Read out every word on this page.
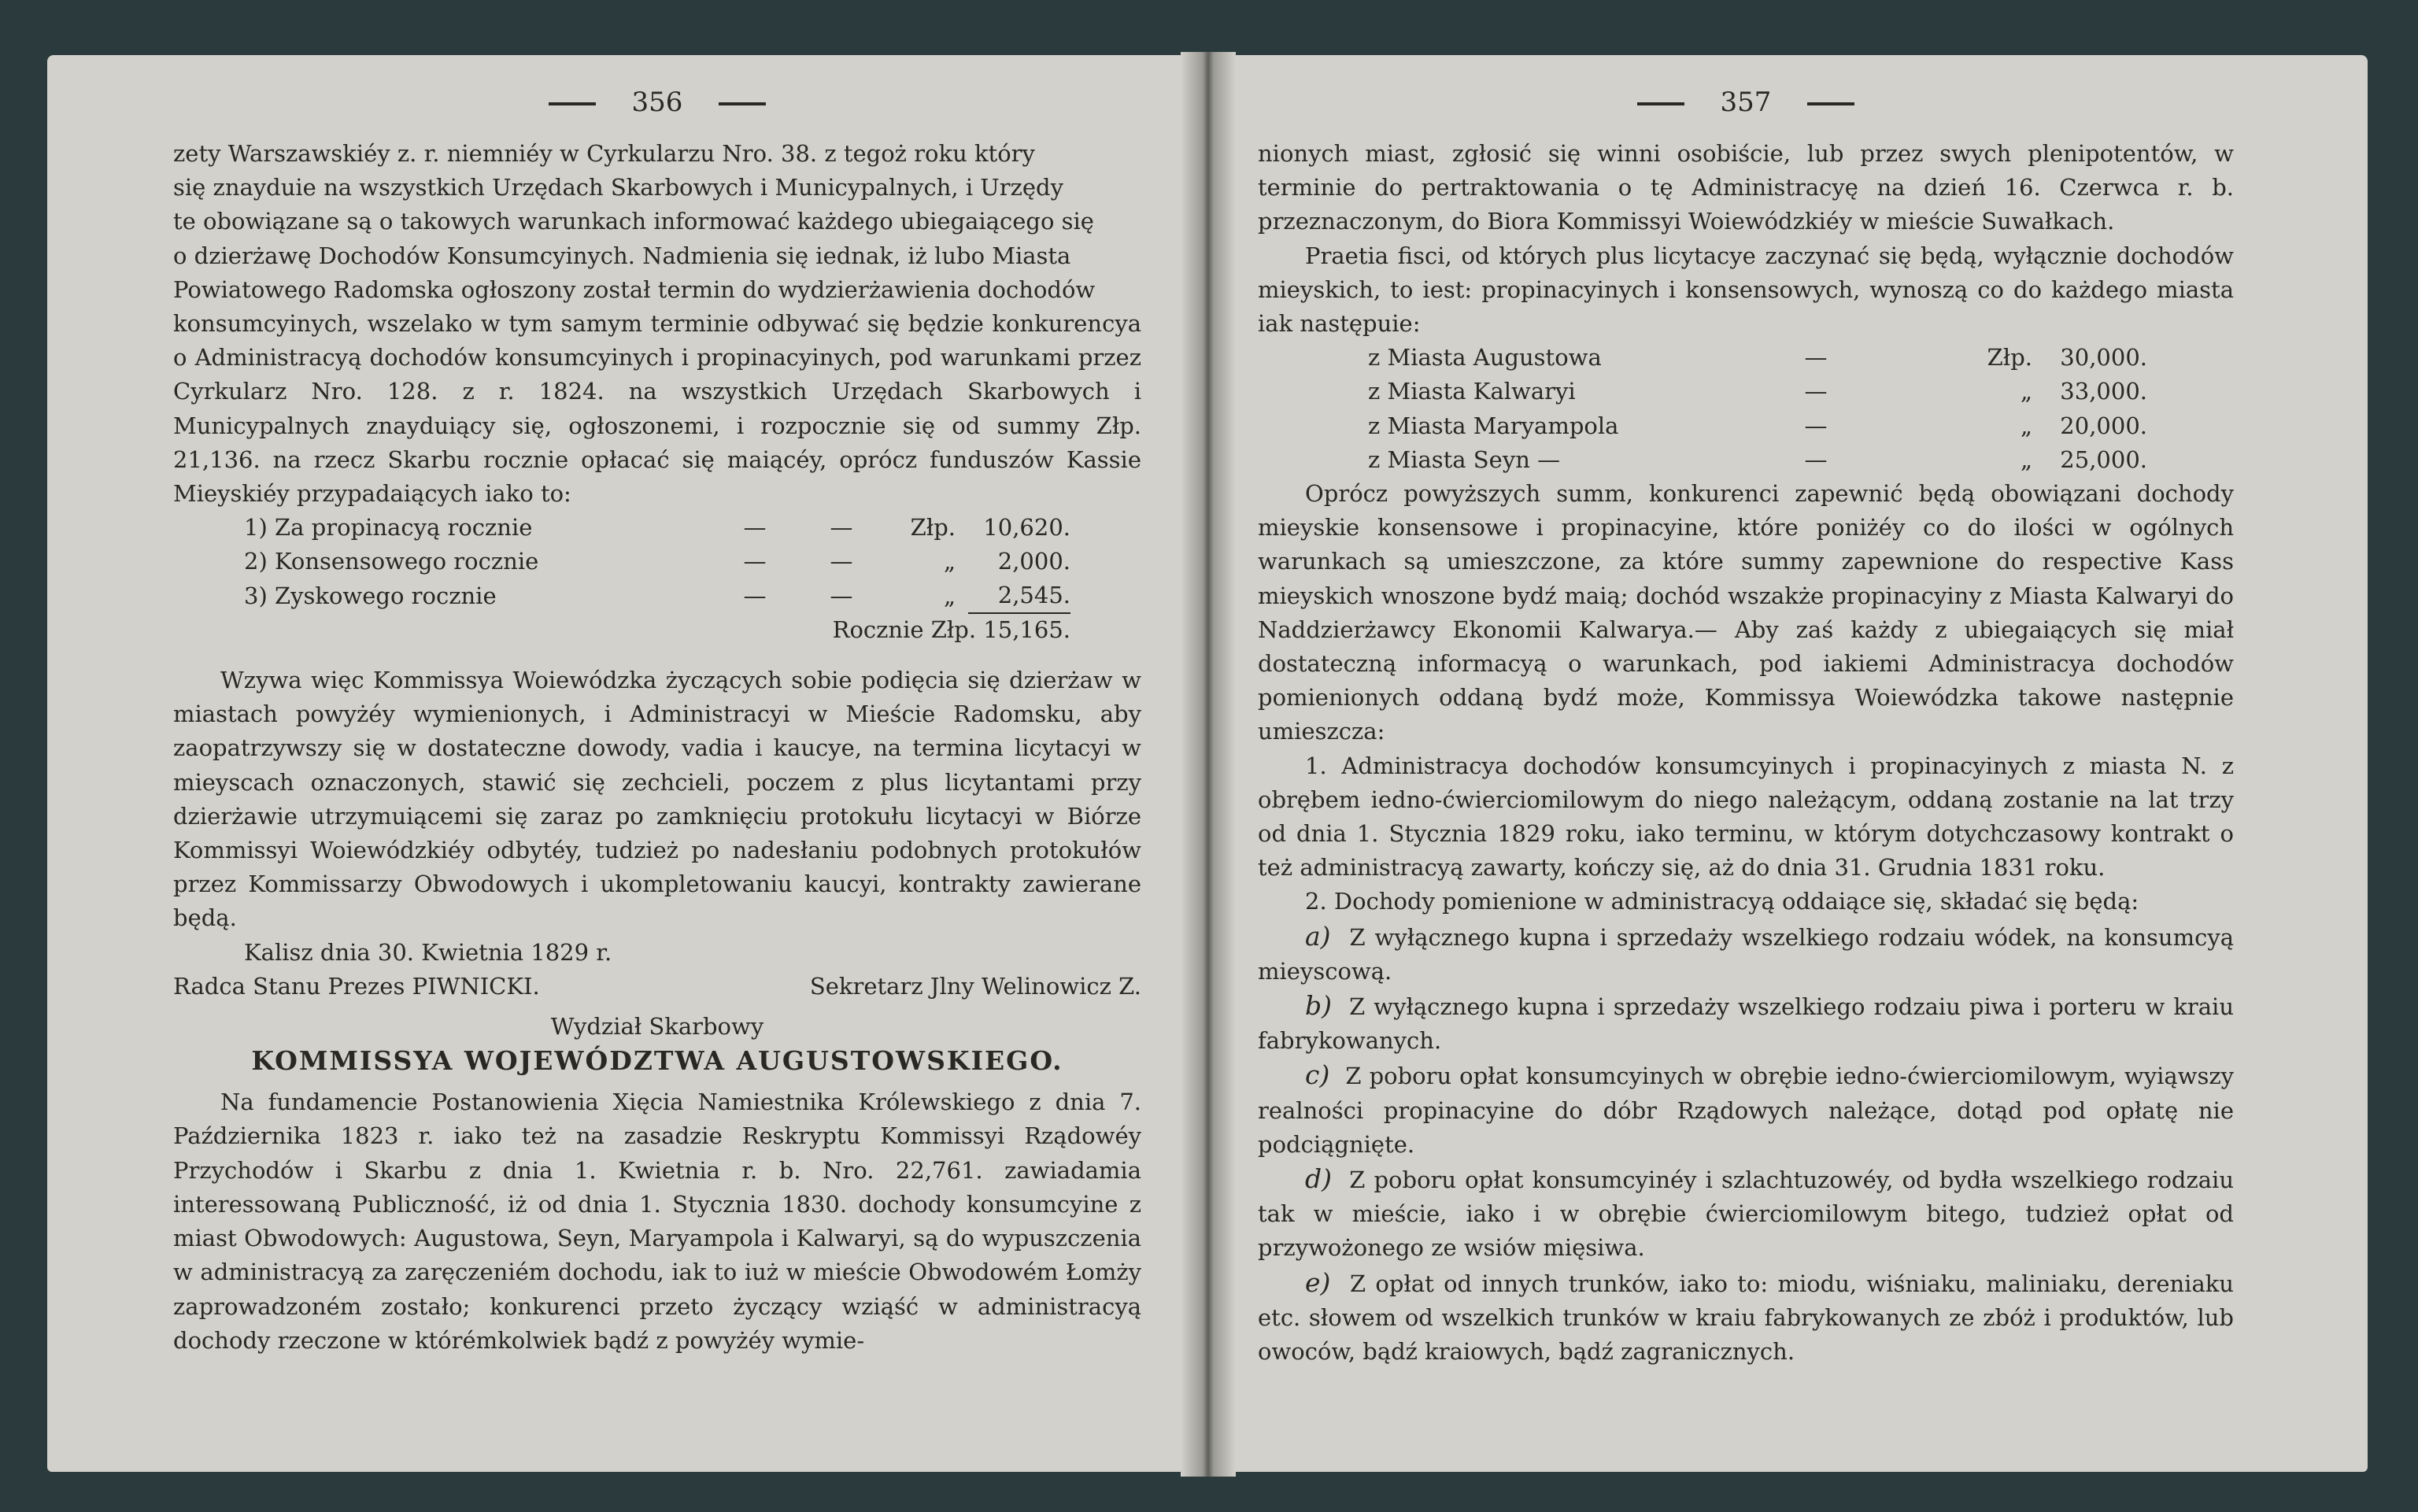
356
zety Warszawskiéy z. r. niemniéy w Cyrkularzu Nro. 38. z tegoż roku który
się znayduie na wszystkich Urzędach Skarbowych i Municypalnych, i Urzędy
te obowiązane są o takowych warunkach informować każdego ubiegaiącego się
o dzierżawę Dochodów Konsumcyinych. Nadmienia się iednak, iż lubo Miasta
Powiatowego Radomska ogłoszony został termin do wydzierżawienia dochodów

konsumcyinych, wszelako w tym samym terminie odbywać się będzie konkurencya o Administracyą dochodów konsumcyinych i propinacyinych, pod warunkami przez Cyrkularz Nro. 128. z r. 1824. na wszystkich Urzędach Skarbowych i Municypalnych znayduiący się, ogłoszonemi, i rozpocznie się od summy Złp. 21,136. na rzecz Skarbu rocznie opłacać się maiącéy, oprócz funduszów Kassie Mieyskiéy przypadaiących iako to:

1) Za propinacyą rocznie	—	—	Złp.	10,620.
2) Konsensowego rocznie	—	—	„	2,000.
3) Zyskowego rocznie	—	—	„	2,545.
Rocznie Złp. 15,165.

Wzywa więc Kommissya Woiewódzka życzących sobie podięcia się dzierżaw w miastach powyżéy wymienionych, i Administracyi w Mieście Radomsku, aby zaopatrzywszy się w dostateczne dowody, vadia i kaucye, na termina licytacyi w mieyscach oznaczonych, stawić się zechcieli, poczem z plus licytantami przy dzierżawie utrzymuiącemi się zaraz po zamknięciu protokułu licytacyi w Biórze Kommissyi Woiewódzkiéy odbytéy, tudzież po nadesłaniu podobnych protokułów przez Kommissarzy Obwodowych i ukompletowaniu kaucyi, kontrakty zawierane będą.

Kalisz dnia 30. Kwietnia 1829 r.
Radca Stanu Prezes PIWNICKI.	Sekretarz Jlny Welinowicz Z.
Wydział Skarbowy
KOMMISSYA WOJEWÓDZTWA AUGUSTOWSKIEGO.

Na fundamencie Postanowienia Xięcia Namiestnika Królewskiego z dnia 7. Października 1823 r. iako też na zasadzie Reskryptu Kommissyi Rządowéy Przychodów i Skarbu z dnia 1. Kwietnia r. b. Nro. 22,761. zawiadamia interessowaną Publiczność, iż od dnia 1. Stycznia 1830. dochody konsumcyine z miast Obwodowych: Augustowa, Seyn, Maryampola i Kalwaryi, są do wypuszczenia w administracyą za zaręczeniém dochodu, iak to iuż w mieście Obwodowém Łomży zaprowadzoném zostało; konkurenci przeto życzący wziąść w administracyą dochody rzeczone w którémkolwiek bądź z powyżéy wymie-

357

nionych miast, zgłosić się winni osobiście, lub przez swych plenipotentów, w terminie do pertraktowania o tę Administracyę na dzień 16. Czerwca r. b. przeznaczonym, do Biora Kommissyi Woiewódzkiéy w mieście Suwałkach.

Praetia fisci, od których plus licytacye zaczynać się będą, wyłącznie dochodów mieyskich, to iest: propinacyinych i konsensowych, wynoszą co do każdego miasta iak następuie:

z Miasta Augustowa	—	Złp.	30,000.
z Miasta Kalwaryi	—	„	33,000.
z Miasta Maryampola	—	„	20,000.
z Miasta Seyn —	—	„	25,000.

Oprócz powyższych summ, konkurenci zapewnić będą obowiązani dochody mieyskie konsensowe i propinacyine, które poniżéy co do ilości w ogólnych warunkach są umieszczone, za które summy zapewnione do respective Kass mieyskich wnoszone bydź maią; dochód wszakże propinacyiny z Miasta Kalwaryi do Naddzierżawcy Ekonomii Kalwarya.— Aby zaś każdy z ubiegaiących się miał dostateczną informacyą o warunkach, pod iakiemi Administracya dochodów pomienionych oddaną bydź może, Kommissya Woiewódzka takowe następnie umieszcza:

1. Administracya dochodów konsumcyinych i propinacyinych z miasta N. z obrębem iedno-ćwierciomilowym do niego należącym, oddaną zostanie na lat trzy od dnia 1. Stycznia 1829 roku, iako terminu, w którym dotychczasowy kontrakt o też administracyą zawarty, kończy się, aż do dnia 31. Grudnia 1831 roku.

2. Dochody pomienione w administracyą oddaiące się, składać się będą:

a) Z wyłącznego kupna i sprzedaży wszelkiego rodzaiu wódek, na konsumcyą mieyscową.

b) Z wyłącznego kupna i sprzedaży wszelkiego rodzaiu piwa i porteru w kraiu fabrykowanych.

c) Z poboru opłat konsumcyinych w obrębie iedno-ćwierciomilowym, wyiąwszy realności propinacyine do dóbr Rządowych należące, dotąd pod opłatę nie podciągnięte.

d) Z poboru opłat konsumcyinéy i szlachtuzowéy, od bydła wszelkiego rodzaiu tak w mieście, iako i w obrębie ćwierciomilowym bitego, tudzież opłat od przywożonego ze wsiów mięsiwa.

e) Z opłat od innych trunków, iako to: miodu, wiśniaku, maliniaku, dereniaku etc. słowem od wszelkich trunków w kraiu fabrykowanych ze zbóż i produktów, lub owoców, bądź kraiowych, bądź zagranicznych.
